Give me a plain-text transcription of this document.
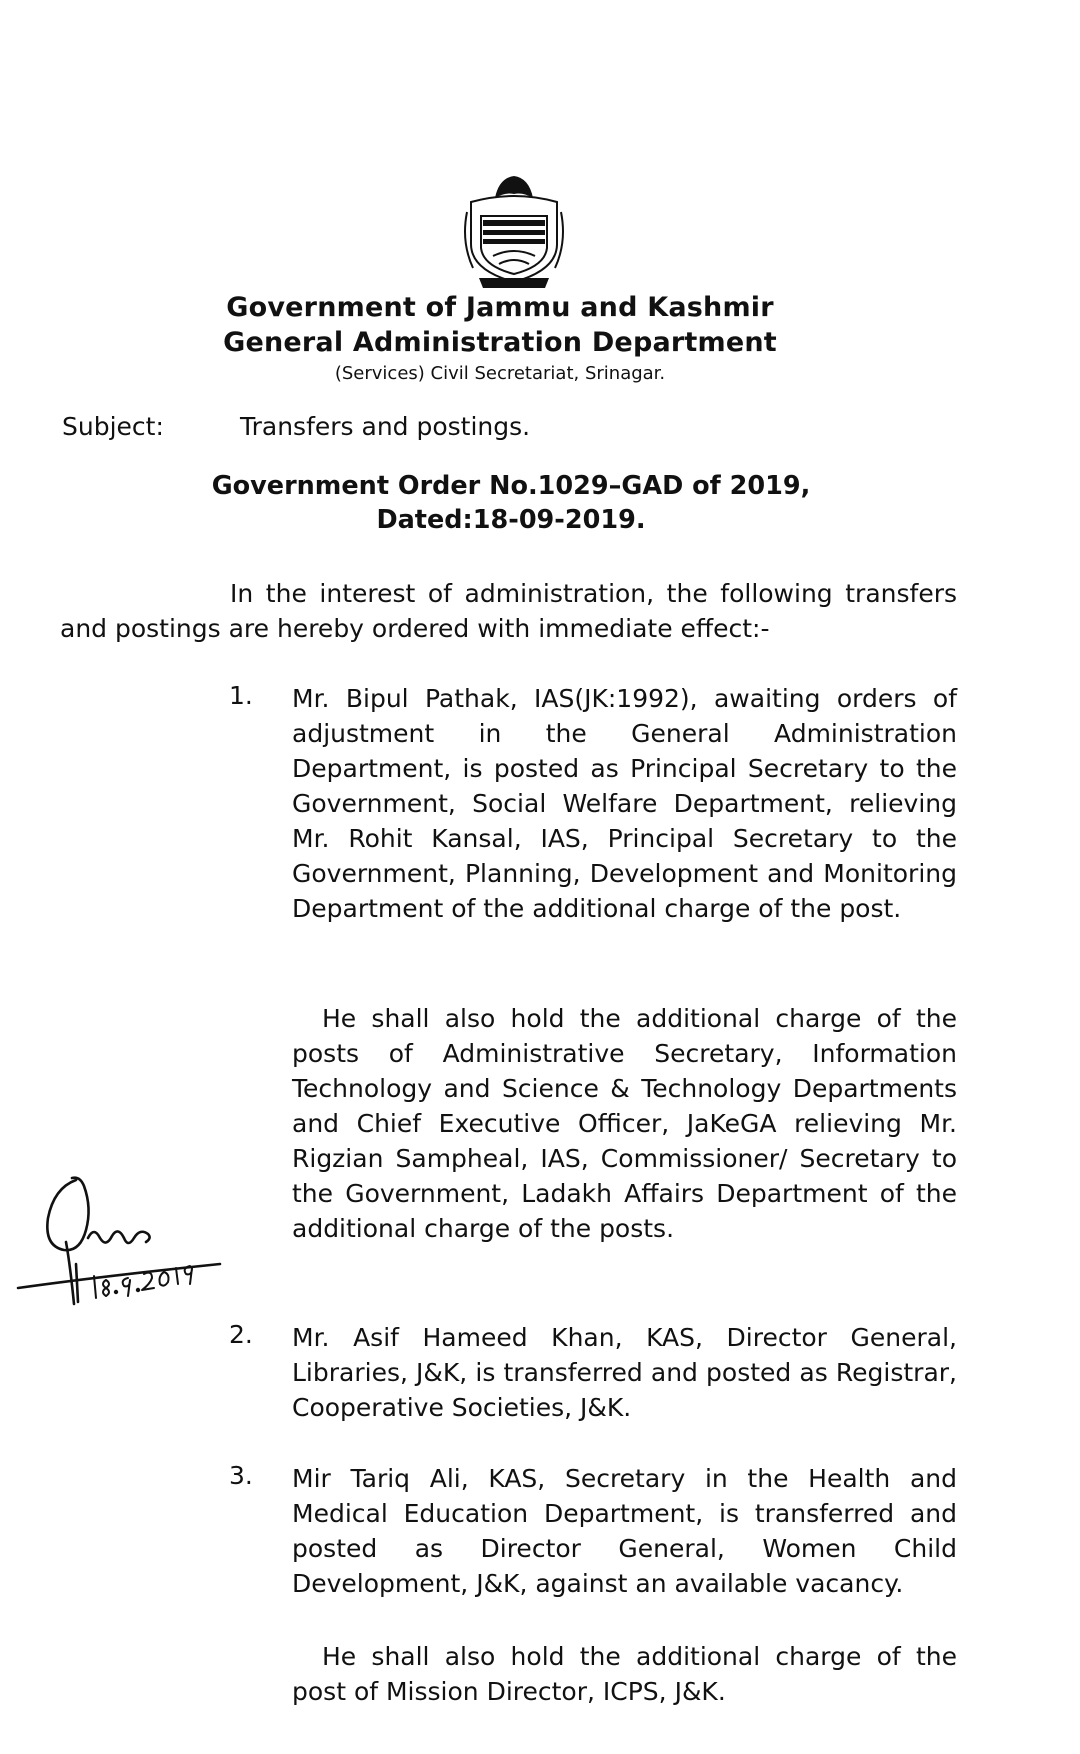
Government of Jammu and Kashmir
General Administration Department
(Services) Civil Secretariat, Srinagar.
Subject:	Transfers and postings.
Government Order No.1029–GAD of 2019,
Dated:18-09-2019.
In the interest of administration, the following transfers and postings are hereby ordered with immediate effect:-
1. Mr. Bipul Pathak, IAS(JK:1992), awaiting orders of adjustment in the General Administration Department, is posted as Principal Secretary to the Government, Social Welfare Department, relieving Mr. Rohit Kansal, IAS, Principal Secretary to the Government, Planning, Development and Monitoring Department of the additional charge of the post.
He shall also hold the additional charge of the posts of Administrative Secretary, Information Technology and Science & Technology Departments and Chief Executive Officer, JaKeGA relieving Mr. Rigzian Sampheal, IAS, Commissioner/ Secretary to the Government, Ladakh Affairs Department of the additional charge of the posts.
2. Mr. Asif Hameed Khan, KAS, Director General, Libraries, J&K, is transferred and posted as Registrar, Cooperative Societies, J&K.
3. Mir Tariq Ali, KAS, Secretary in the Health and Medical Education Department, is transferred and posted as Director General, Women Child Development, J&K, against an available vacancy.
He shall also hold the additional charge of the post of Mission Director, ICPS, J&K.
